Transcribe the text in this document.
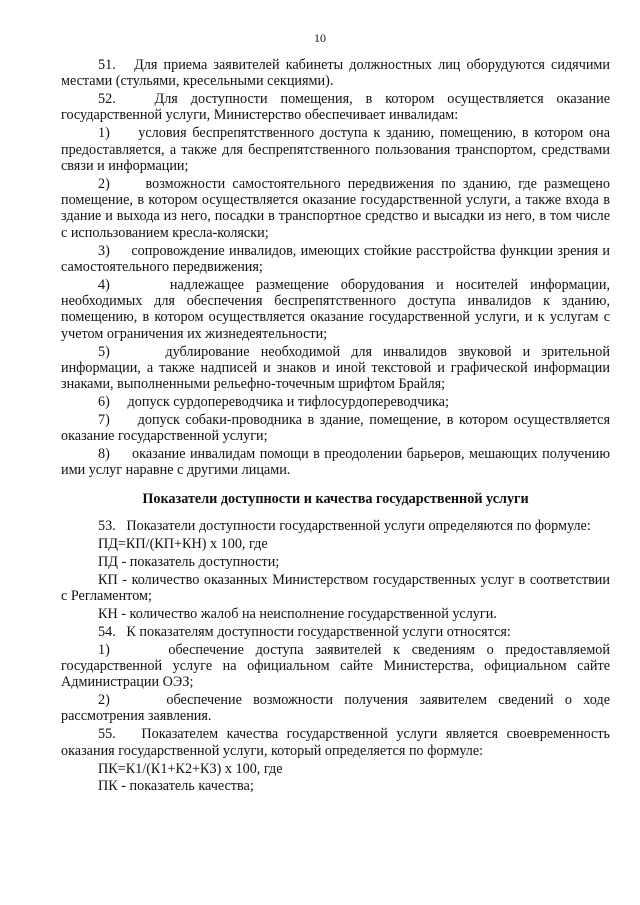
10

51.   Для приема заявителей кабинеты должностных лиц оборудуются сидячими местами (стульями, кресельными секциями).

52.   Для доступности помещения, в котором осуществляется оказание государственной услуги, Министерство обеспечивает инвалидам:

1)     условия беспрепятственного доступа к зданию, помещению, в котором она предоставляется, а также для беспрепятственного пользования транспортом, средствами связи и информации;

2)     возможности самостоятельного передвижения по зданию, где размещено помещение, в котором осуществляется оказание государственной услуги, а также входа в здание и выхода из него, посадки в транспортное средство и высадки из него, в том числе с использованием кресла-коляски;

3)     сопровождение инвалидов, имеющих стойкие расстройства функции зрения и самостоятельного передвижения;

4)     надлежащее размещение оборудования и носителей информации, необходимых для обеспечения беспрепятственного доступа инвалидов к зданию, помещению, в котором осуществляется оказание государственной услуги, и к услугам с учетом ограничения их жизнедеятельности;

5)     дублирование необходимой для инвалидов звуковой и зрительной информации, а также надписей и знаков и иной текстовой и графической информации знаками, выполненными рельефно-точечным шрифтом Брайля;

6)     допуск сурдопереводчика и тифлосурдопереводчика;

7)     допуск собаки-проводника в здание, помещение, в котором осуществляется оказание государственной услуги;

8)     оказание инвалидам помощи в преодолении барьеров, мешающих получению ими услуг наравне с другими лицами.

Показатели доступности и качества государственной услуги

53.   Показатели доступности государственной услуги определяются по формуле:

ПД=КП/(КП+КН) х 100, где

ПД - показатель доступности;

КП - количество оказанных Министерством государственных услуг в соответствии с Регламентом;

КН - количество жалоб на неисполнение государственной услуги.

54.   К показателям доступности государственной услуги относятся:

1)     обеспечение доступа заявителей к сведениям о предоставляемой государственной услуге на официальном сайте Министерства, официальном сайте Администрации ОЭЗ;

2)     обеспечение возможности получения заявителем сведений о ходе рассмотрения заявления.

55.   Показателем качества государственной услуги является своевременность оказания государственной услуги, который определяется по формуле:

ПК=К1/(К1+К2+К3) х 100, где

ПК - показатель качества;
